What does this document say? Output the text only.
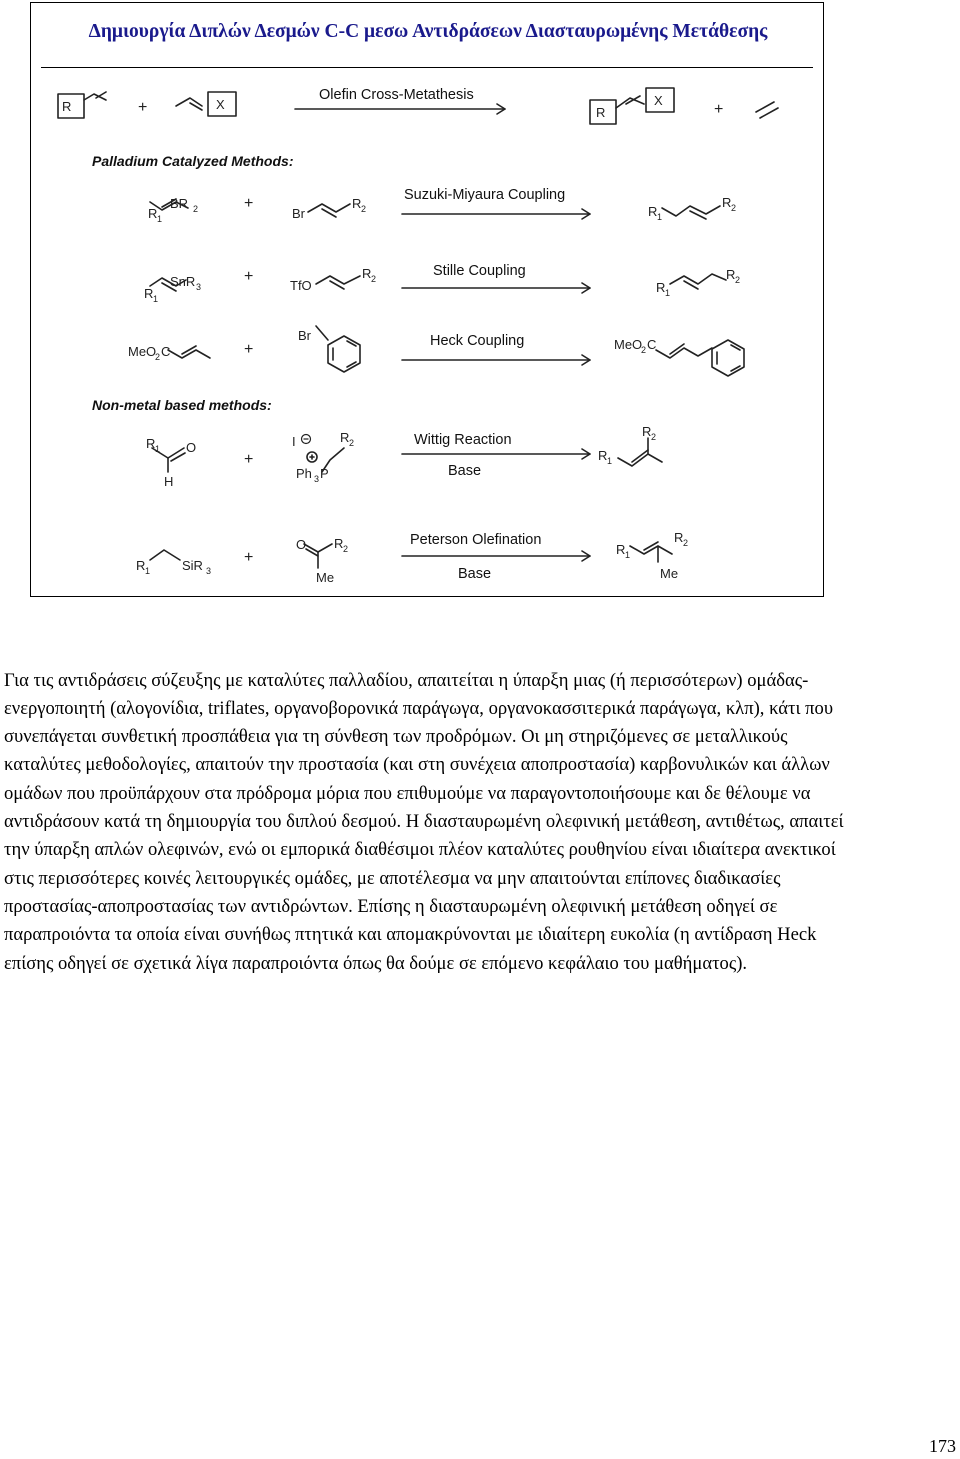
Δημιουργία Διπλών Δεσμών C-C μεσω Αντιδράσεων Διασταυρωμένης Μετάθεσης
R	X
+
Olefin Cross-Metathesis
R
X
+
Palladium Catalyzed Methods:
BR 2
R 1
+
Br
R 2
Suzuki-Miyaura Coupling
R 1
R 2
SnR 3
R 1
+
TfO
R 2	Stille Coupling
R 1
R 2
MeO
2 C	+
Br	Heck Coupling	MeO
2 C
Non-metal based methods:
R 1 O
H
+
I
Ph 3 P
R 2	Wittig Reaction
Base
R 1
R 2
R 1 SiR 3
+
O R 2
Me
Peterson Olefination
Base
R 1
R 2
Me

Για τις αντιδράσεις σύζευξης με καταλύτες παλλαδίου, απαιτείται η ύπαρξη μιας (ή περισσότερων) ομάδας-ενεργοποιητή (αλογονίδια, triflates, οργανοβορονικά παράγωγα, οργανοκασσιτερικά παράγωγα, κλπ), κάτι που συνεπάγεται συνθετική προσπάθεια για τη σύνθεση των προδρόμων. Οι μη στηριζόμενες σε μεταλλικούς καταλύτες μεθοδολογίες, απαιτούν την προστασία (και στη συνέχεια αποπροστασία) καρβονυλικών και άλλων ομάδων που προϋπάρχουν στα πρόδρομα μόρια που επιθυμούμε να παραγοντοποιήσουμε και δε θέλουμε να αντιδράσουν κατά τη δημιουργία του διπλού δεσμού. Η διασταυρωμένη ολεφινική μετάθεση, αντιθέτως, απαιτεί την ύπαρξη απλών ολεφινών, ενώ οι εμπορικά διαθέσιμοι πλέον καταλύτες ρουθηνίου είναι ιδιαίτερα ανεκτικοί στις περισσότερες κοινές λειτουργικές ομάδες, με αποτέλεσμα να μην απαιτούνται επίπονες διαδικασίες προστασίας-αποπροστασίας των αντιδρώντων. Επίσης η διασταυρωμένη ολεφινική μετάθεση οδηγεί σε παραπροιόντα τα οποία είναι συνήθως πτητικά και απομακρύνονται με ιδιαίτερη ευκολία (η αντίδραση Heck επίσης οδηγεί σε σχετικά λίγα παραπροιόντα όπως θα δούμε σε επόμενο κεφάλαιο του μαθήματος).

173
